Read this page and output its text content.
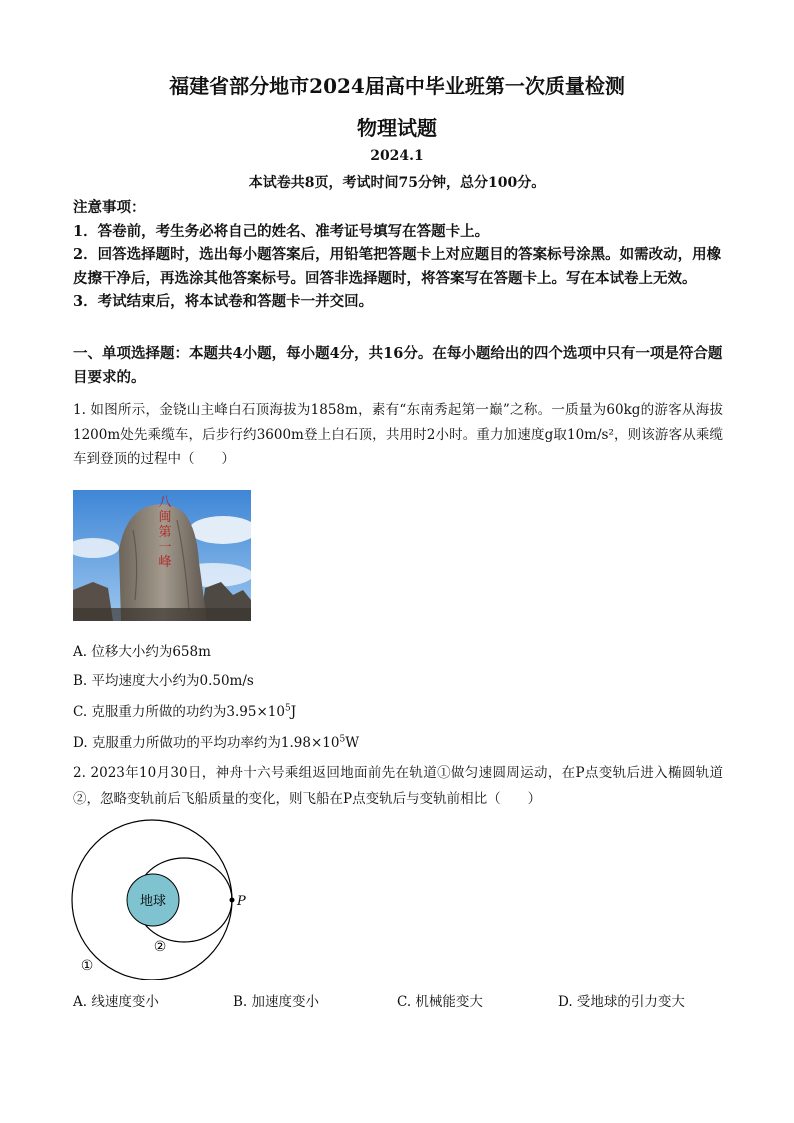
福建省部分地市2024届高中毕业班第一次质量检测
物理试题
2024.1
本试卷共8页，考试时间75分钟，总分100分。

注意事项：

1．答卷前，考生务必将自己的姓名、准考证号填写在答题卡上。

2．回答选择题时，选出每小题答案后，用铅笔把答题卡上对应题目的答案标号涂黑。如需改动，用橡皮擦干净后，再选涂其他答案标号。回答非选择题时，将答案写在答题卡上。写在本试卷上无效。

3．考试结束后，将本试卷和答题卡一并交回。

一、单项选择题：本题共4小题，每小题4分，共16分。在每小题给出的四个选项中只有一项是符合题目要求的。
1. 如图所示，金铙山主峰白石顶海拔为1858m，素有“东南秀起第一巅”之称。一质量为60kg的游客从海拔1200m处先乘缆车，后步行约3600m登上白石顶，共用时2小时。重力加速度g取10m/s²，则该游客从乘缆车到登顶的过程中（　　）
八闽第一峰
A. 位移大小约为658m
B. 平均速度大小约为0.50m/s
C. 克服重力所做的功约为$3.95\times 10^5J$
D. 克服重力所做功的平均功率约为$1.98\times 10^5W$
2. 2023年10月30日，神舟十六号乘组返回地面前先在轨道①做匀速圆周运动，在P点变轨后进入椭圆轨道②，忽略变轨前后飞船质量的变化，则飞船在P点变轨后与变轨前相比（　　）
地球	P
②
①
A. 线速度变小	B. 加速度变小	C. 机械能变大	D. 受地球的引力变大
